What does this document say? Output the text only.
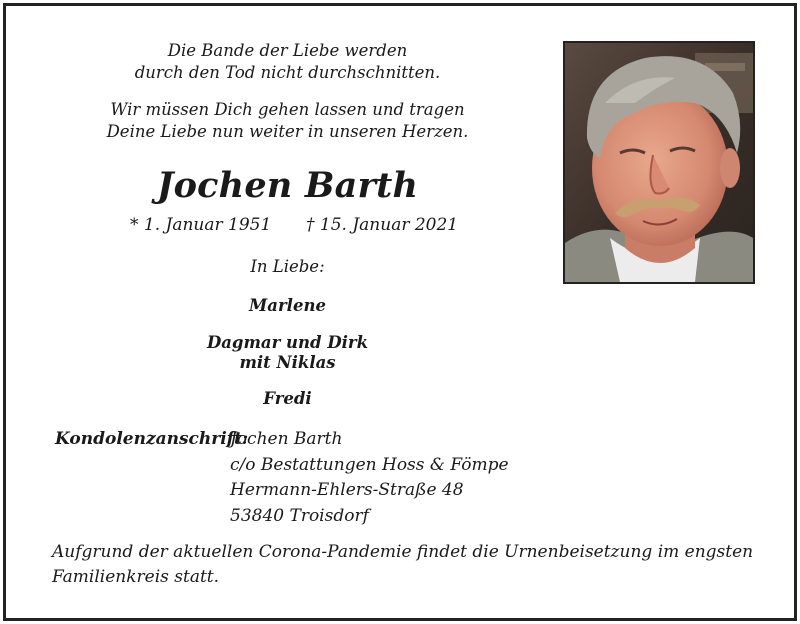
Die Bande der Liebe werden
durch den Tod nicht durchschnitten.
Wir müssen Dich gehen lassen und tragen
Deine Liebe nun weiter in unseren Herzen.
Jochen Barth
* 1. Januar 1951 † 15. Januar 2021
In Liebe:
Marlene
Dagmar und Dirk
mit Niklas
Fredi
Kondolenzanschrift:
Jochen Barth
c/o Bestattungen Hoss & Fömpe
Hermann-Ehlers-Straße 48
53840 Troisdorf
Aufgrund der aktuellen Corona-Pandemie findet die Urnenbeisetzung im engsten
Familienkreis statt.
